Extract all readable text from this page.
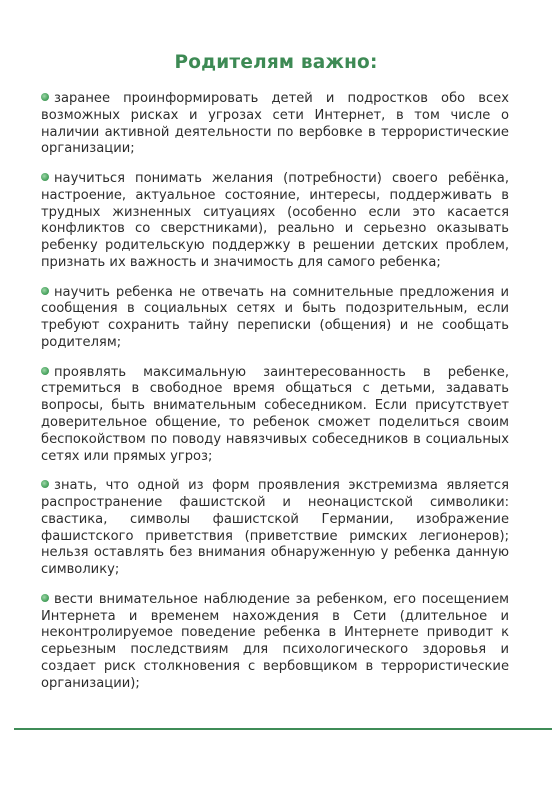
Родителям важно:
заранее проинформировать детей и подростков обо всех возможных рисках и угрозах сети Интернет, в том числе о наличии активной деятельности по вербовке в террористические организации;
научиться понимать желания (потребности) своего ребёнка, настроение, актуальное состояние, интересы, поддерживать в трудных жизненных ситуациях (особенно если это касается конфликтов со сверстниками), реально и серьезно оказывать ребенку родительскую поддержку в решении детских проблем, признать их важность и значимость для самого ребенка;
научить ребенка не отвечать на сомнительные предложения и сообщения в социальных сетях и быть подозрительным, если требуют сохранить тайну переписки (общения) и не сообщать родителям;
проявлять максимальную заинтересованность в ребенке, стремиться в свободное время общаться с детьми, задавать вопросы, быть внимательным собеседником. Если присутствует доверительное общение, то ребенок сможет поделиться своим беспокойством по поводу навязчивых собеседников в социальных сетях или прямых угроз;
знать, что одной из форм проявления экстремизма является распространение фашистской и неонацистской символики: свастика, символы фашистской Германии, изображение фашистского приветствия (приветствие римских легионеров); нельзя оставлять без внимания обнаруженную у ребенка данную символику;
вести внимательное наблюдение за ребенком, его посещением Интернета и временем нахождения в Сети (длительное и неконтролируемое поведение ребенка в Интернете приводит к серьезным последствиям для психологического здоровья и создает риск столкновения с вербовщиком в террористические организации);
